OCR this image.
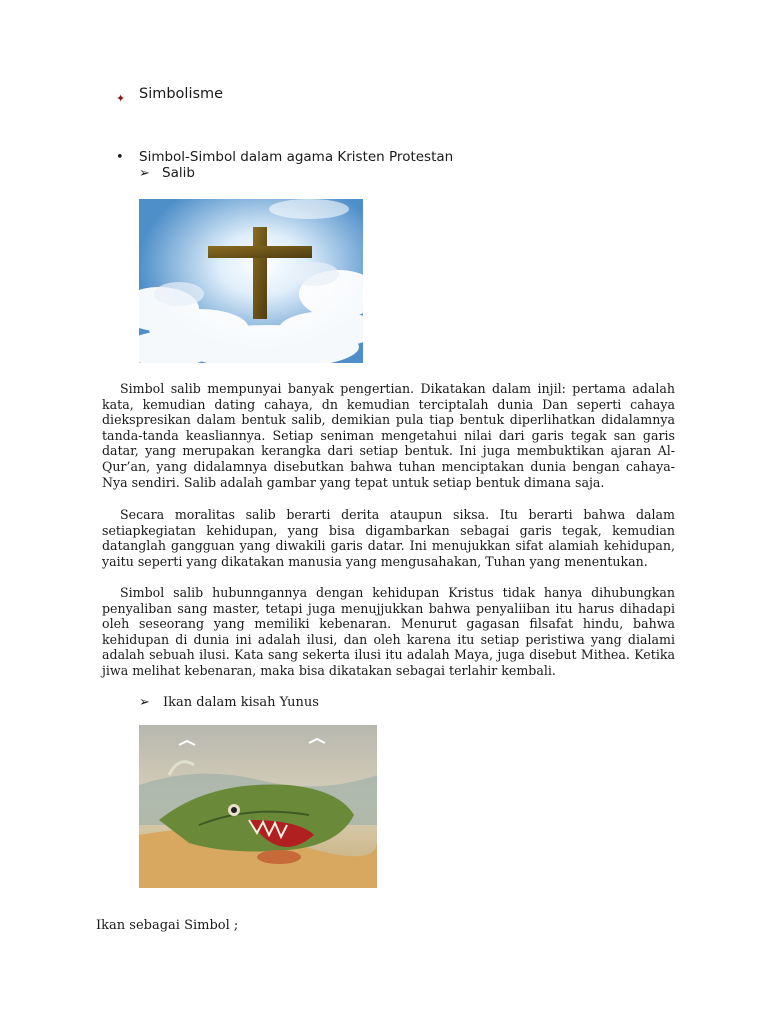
✦ Simbolisme
• Simbol-Simbol dalam agama Kristen Protestan
➢ Salib

Simbol salib mempunyai banyak pengertian. Dikatakan dalam injil: pertama adalah kata, kemudian dating cahaya, dn kemudian terciptalah dunia Dan seperti cahaya diekspresikan dalam bentuk salib, demikian pula tiap bentuk diperlihatkan didalamnya tanda-tanda keasliannya. Setiap seniman mengetahui nilai dari garis tegak san garis datar, yang merupakan kerangka dari setiap bentuk. Ini juga membuktikan ajaran Al-Qur’an, yang didalamnya disebutkan bahwa tuhan menciptakan dunia bengan cahaya-Nya sendiri. Salib adalah gambar yang tepat untuk setiap bentuk dimana saja.

Secara moralitas salib berarti derita ataupun siksa. Itu berarti bahwa dalam setiapkegiatan kehidupan, yang bisa digambarkan sebagai garis tegak, kemudian datanglah gangguan yang diwakili garis datar. Ini menujukkan sifat alamiah kehidupan, yaitu seperti yang dikatakan manusia yang mengusahakan, Tuhan yang menentukan.

Simbol salib hubunngannya dengan kehidupan Kristus tidak hanya dihubungkan penyaliban sang master, tetapi juga menujjukkan bahwa penyaliiban itu harus dihadapi oleh seseorang yang memiliki kebenaran. Menurut gagasan filsafat hindu, bahwa kehidupan di dunia ini adalah ilusi, dan oleh karena itu setiap peristiwa yang dialami adalah sebuah ilusi. Kata sang sekerta ilusi itu adalah Maya, juga disebut Mithea. Ketika jiwa melihat kebenaran, maka bisa dikatakan sebagai terlahir kembali.

➢ Ikan dalam kisah Yunus
Ikan sebagai Simbol ;
